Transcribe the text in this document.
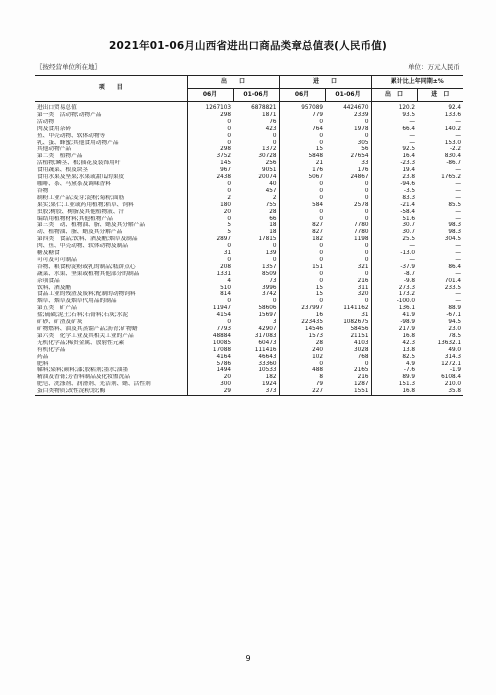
2021年01-06月山西省进出口商品类章总值表(人民币值)
〖按经营单位所在地〗	单位：万元人民币
项　　目	出　　口		进　　口		累计比上年同期±%	
	06月	01-06月	06月	01-06月	出　口	进　口
进出口贸易总值	1267103	6878821	957089	4424670	120.2	92.4
第一类　活动物;动物产品	298	1871	779	2339	93.5	133.6
活动物	0	76	0	0	—	—
肉及食用杂碎	0	423	764	1978	66.4	140.2
鱼、甲壳动物、软体动物等	0	0	0	0	—	—
乳、蛋、蜂蜜;其他食用动物产品	0	0	0	305	—	153.0
其他动物产品	298	1372	15	56	92.5	-2.2
第二类　植物产品	3752	30728	5848	27654	16.4	830.4
活植物;鳞茎、根;插花及装饰用叶	145	256	21	33	-23.3	-86.7
食用蔬菜、根及块茎	967	9051	176	176	19.4	—
食用水果及坚果;水果或甜瓜的果皮	2438	20074	5067	24867	23.8	1765.2
咖啡、茶、马黛茶及调味香料	0	40	0	0	-94.6	—
谷物	0	457	0	0	-3.5	—
制粉工业产品;麦芽;淀粉;菊粉;面筋	2	2	0	0	83.3	—
果实;果仁;工业或药用植物;稻草、饲料	180	755	584	2578	-21.4	85.5
虫胶;树胶、树脂及其他植物液、汁	20	28	0	0	-58.4	—
编结用植物材料;其他植物产品	0	66	0	0	51.6	—
第三类　动、植物油、脂、蜡及其分解产品	5	18	827	7780	30.7	98.3
动、植物油、脂、蜡及其分解产品	5	18	827	7780	30.7	98.3
第四类　食品;饮料、酒及醋;烟草及制品	2897	17815	182	1198	25.5	304.5
肉、鱼、甲壳动物、软体动物及制品	0	0	0	0	—	—
糖及糖食	31	139	0	0	-13.0	—
可可及可可制品	0	0	0	0	—	—
谷物、粮食粉淀粉或乳的制品;糕饼点心	208	1357	151	321	-37.9	86.4
蔬菜、水果、坚果或植物其他部分的制品	1331	8509	0	0	-8.7	—
杂项食品	4	73	0	216	-9.8	701.4
饮料、酒及醋	510	3996	15	311	273.3	233.5
食品工业的残渣及废料;配制的动物饲料	814	3742	15	320	173.2	—
烟草、烟草及烟草代用品的制品	0	0	0	0	-100.0	—
第五类　矿产品	11947	58606	237997	1141162	136.1	88.9
盐;硫磺;泥土;石料;石膏料;石灰;水泥	4154	15697	16	31	41.9	-67.1
矿砂、矿渣及矿灰	0	3	223435	1082675	-98.9	94.5
矿物燃料、油及其蒸馏产品;沥青;矿物蜡	7793	42907	14546	58456	217.9	23.0
第六类　化学工业及其相关工业的产品	48884	317083	1573	21151	16.8	78.5
无机化学品;稀贵金属、放射性元素	10085	60473	28	4103	42.3	13632.1
有机化学品	17088	111416	240	3028	13.8	49.0
药品	4164	46643	102	768	82.5	314.3
肥料	5786	33360	0	0	4.9	1272.1
鞣料;染料;颜料;漆;胶粘剂;墨水;油墨	1494	10533	488	2165	-7.6	-1.9
精油及香膏;芳香料制品及化妆盥洗品	20	182	8	216	89.9	6108.4
肥皂、洗涤剂、润滑剂、光洁剂、蜡、活性剂	300	1924	79	1287	151.3	210.0
蛋白类物质;改性淀粉;胶;酶	29	373	227	1551	16.8	35.8
9
